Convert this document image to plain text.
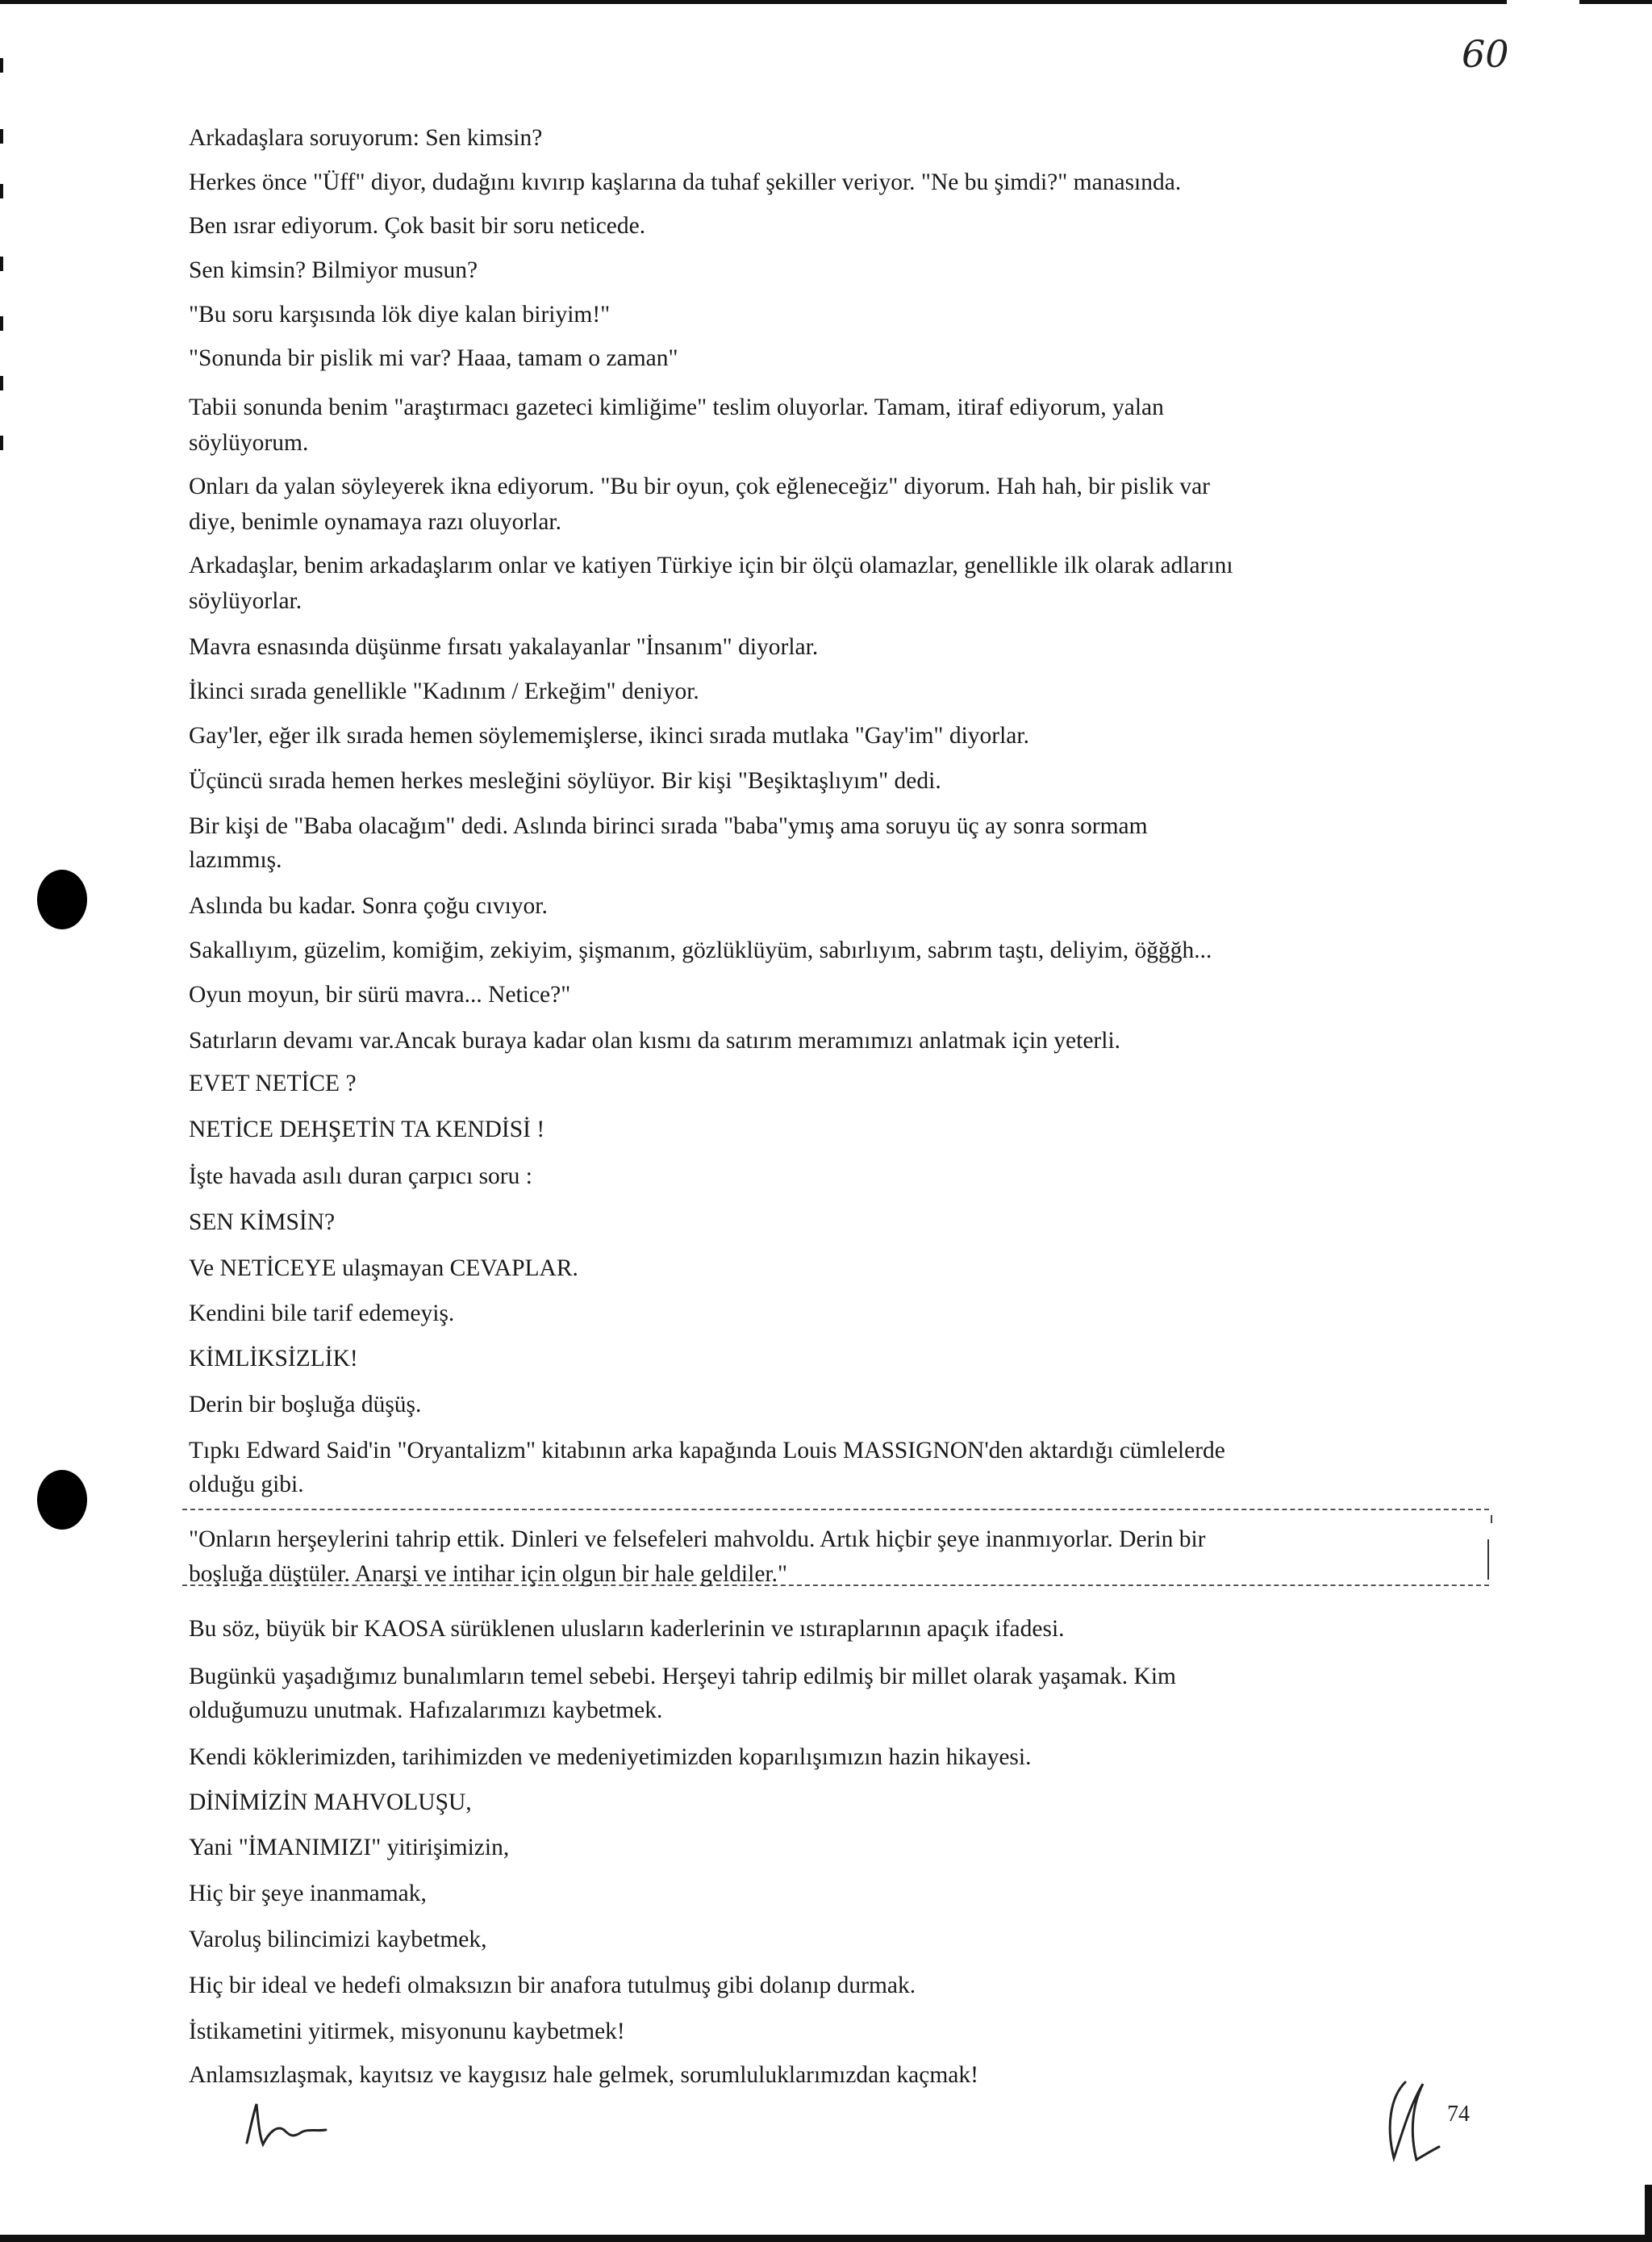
60
Arkadaşlara soruyorum: Sen kimsin?
Herkes önce "Üff" diyor, dudağını kıvırıp kaşlarına da tuhaf şekiller veriyor. "Ne bu şimdi?" manasında.
Ben ısrar ediyorum. Çok basit bir soru neticede.
Sen kimsin? Bilmiyor musun?
"Bu soru karşısında lök diye kalan biriyim!"
"Sonunda bir pislik mi var? Haaa, tamam o zaman"
Tabii sonunda benim "araştırmacı gazeteci kimliğime" teslim oluyorlar. Tamam, itiraf ediyorum, yalan
söylüyorum.
Onları da yalan söyleyerek ikna ediyorum. "Bu bir oyun, çok eğleneceğiz" diyorum. Hah hah, bir pislik var
diye, benimle oynamaya razı oluyorlar.
Arkadaşlar, benim arkadaşlarım onlar ve katiyen Türkiye için bir ölçü olamazlar, genellikle ilk olarak adlarını
söylüyorlar.
Mavra esnasında düşünme fırsatı yakalayanlar "İnsanım" diyorlar.
İkinci sırada genellikle "Kadınım / Erkeğim" deniyor.
Gay'ler, eğer ilk sırada hemen söylememişlerse, ikinci sırada mutlaka "Gay'im" diyorlar.
Üçüncü sırada hemen herkes mesleğini söylüyor. Bir kişi "Beşiktaşlıyım" dedi.
Bir kişi de "Baba olacağım" dedi. Aslında birinci sırada "baba"ymış ama soruyu üç ay sonra sormam
lazımmış.
Aslında bu kadar. Sonra çoğu cıvıyor.
Sakallıyım, güzelim, komiğim, zekiyim, şişmanım, gözlüklüyüm, sabırlıyım, sabrım taştı, deliyim, öğğğh...
Oyun moyun, bir sürü mavra... Netice?"
Satırların devamı var.Ancak buraya kadar olan kısmı da satırım meramımızı anlatmak için yeterli.
EVET NETİCE ?
NETİCE DEHŞETİN TA KENDİSİ !
İşte havada asılı duran çarpıcı soru :
SEN KİMSİN?
Ve NETİCEYE ulaşmayan CEVAPLAR.
Kendini bile tarif edemeyiş.
KİMLİKSİZLİK!
Derin bir boşluğa düşüş.
Tıpkı Edward Said'in "Oryantalizm" kitabının arka kapağında Louis MASSIGNON'den aktardığı cümlelerde
olduğu gibi.
"Onların herşeylerini tahrip ettik. Dinleri ve felsefeleri mahvoldu. Artık hiçbir şeye inanmıyorlar. Derin bir
boşluğa düştüler. Anarşi ve intihar için olgun bir hale geldiler."
Bu söz, büyük bir KAOSA sürüklenen ulusların kaderlerinin ve ıstıraplarının apaçık ifadesi.
Bugünkü yaşadığımız bunalımların temel sebebi. Herşeyi tahrip edilmiş bir millet olarak yaşamak. Kim
olduğumuzu unutmak. Hafızalarımızı kaybetmek.
Kendi köklerimizden, tarihimizden ve medeniyetimizden koparılışımızın hazin hikayesi.
DİNİMİZİN MAHVOLUŞU,
Yani "İMANIMIZI" yitirişimizin,
Hiç bir şeye inanmamak,
Varoluş bilincimizi kaybetmek,
Hiç bir ideal ve hedefi olmaksızın bir anafora tutulmuş gibi dolanıp durmak.
İstikametini yitirmek, misyonunu kaybetmek!
Anlamsızlaşmak, kayıtsız ve kaygısız hale gelmek, sorumluluklarımızdan kaçmak!
74
